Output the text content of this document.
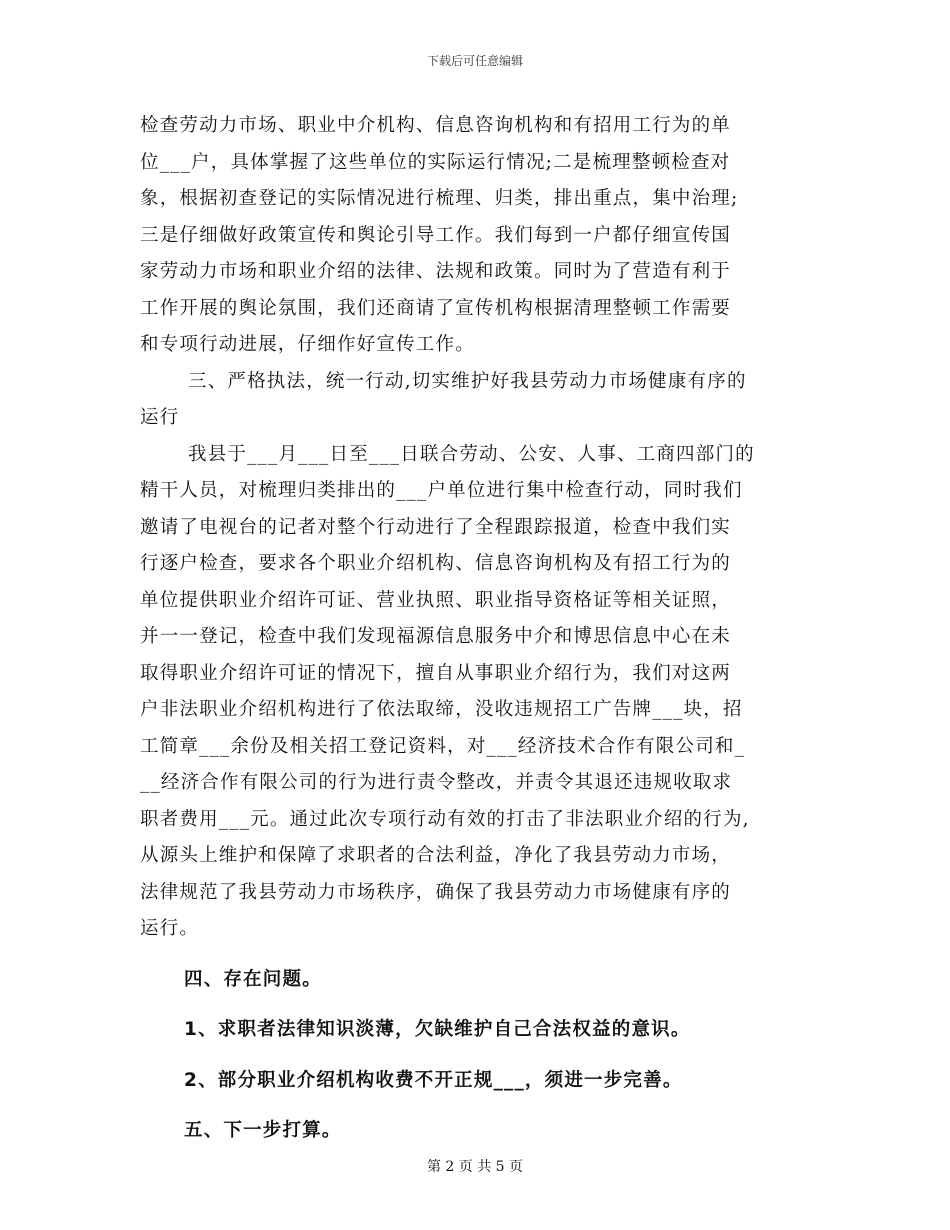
下载后可任意编辑
检查劳动力市场、职业中介机构、信息咨询机构和有招用工行为的单
位___户，具体掌握了这些单位的实际运行情况;二是梳理整顿检查对
象，根据初查登记的实际情况进行梳理、归类，排出重点，集中治理;
三是仔细做好政策宣传和舆论引导工作。我们每到一户都仔细宣传国
家劳动力市场和职业介绍的法律、法规和政策。同时为了营造有利于
工作开展的舆论氛围，我们还商请了宣传机构根据清理整顿工作需要
和专项行动进展，仔细作好宣传工作。
三、严格执法，统一行动,切实维护好我县劳动力市场健康有序的
运行
我县于___月___日至___日联合劳动、公安、人事、工商四部门的
精干人员，对梳理归类排出的___户单位进行集中检查行动，同时我们
邀请了电视台的记者对整个行动进行了全程跟踪报道，检查中我们实
行逐户检查，要求各个职业介绍机构、信息咨询机构及有招工行为的
单位提供职业介绍许可证、营业执照、职业指导资格证等相关证照，
并一一登记，检查中我们发现福源信息服务中介和博思信息中心在未
取得职业介绍许可证的情况下，擅自从事职业介绍行为，我们对这两
户非法职业介绍机构进行了依法取缔，没收违规招工广告牌___块，招
工简章___余份及相关招工登记资料，对___经济技术合作有限公司和_
__经济合作有限公司的行为进行责令整改，并责令其退还违规收取求
职者费用___元。通过此次专项行动有效的打击了非法职业介绍的行为,
从源头上维护和保障了求职者的合法利益，净化了我县劳动力市场，
法律规范了我县劳动力市场秩序，确保了我县劳动力市场健康有序的
运行。
四、存在问题。
1、求职者法律知识淡薄，欠缺维护自己合法权益的意识。
2、部分职业介绍机构收费不开正规___，须进一步完善。
五、下一步打算。
第 2 页 共 5 页
